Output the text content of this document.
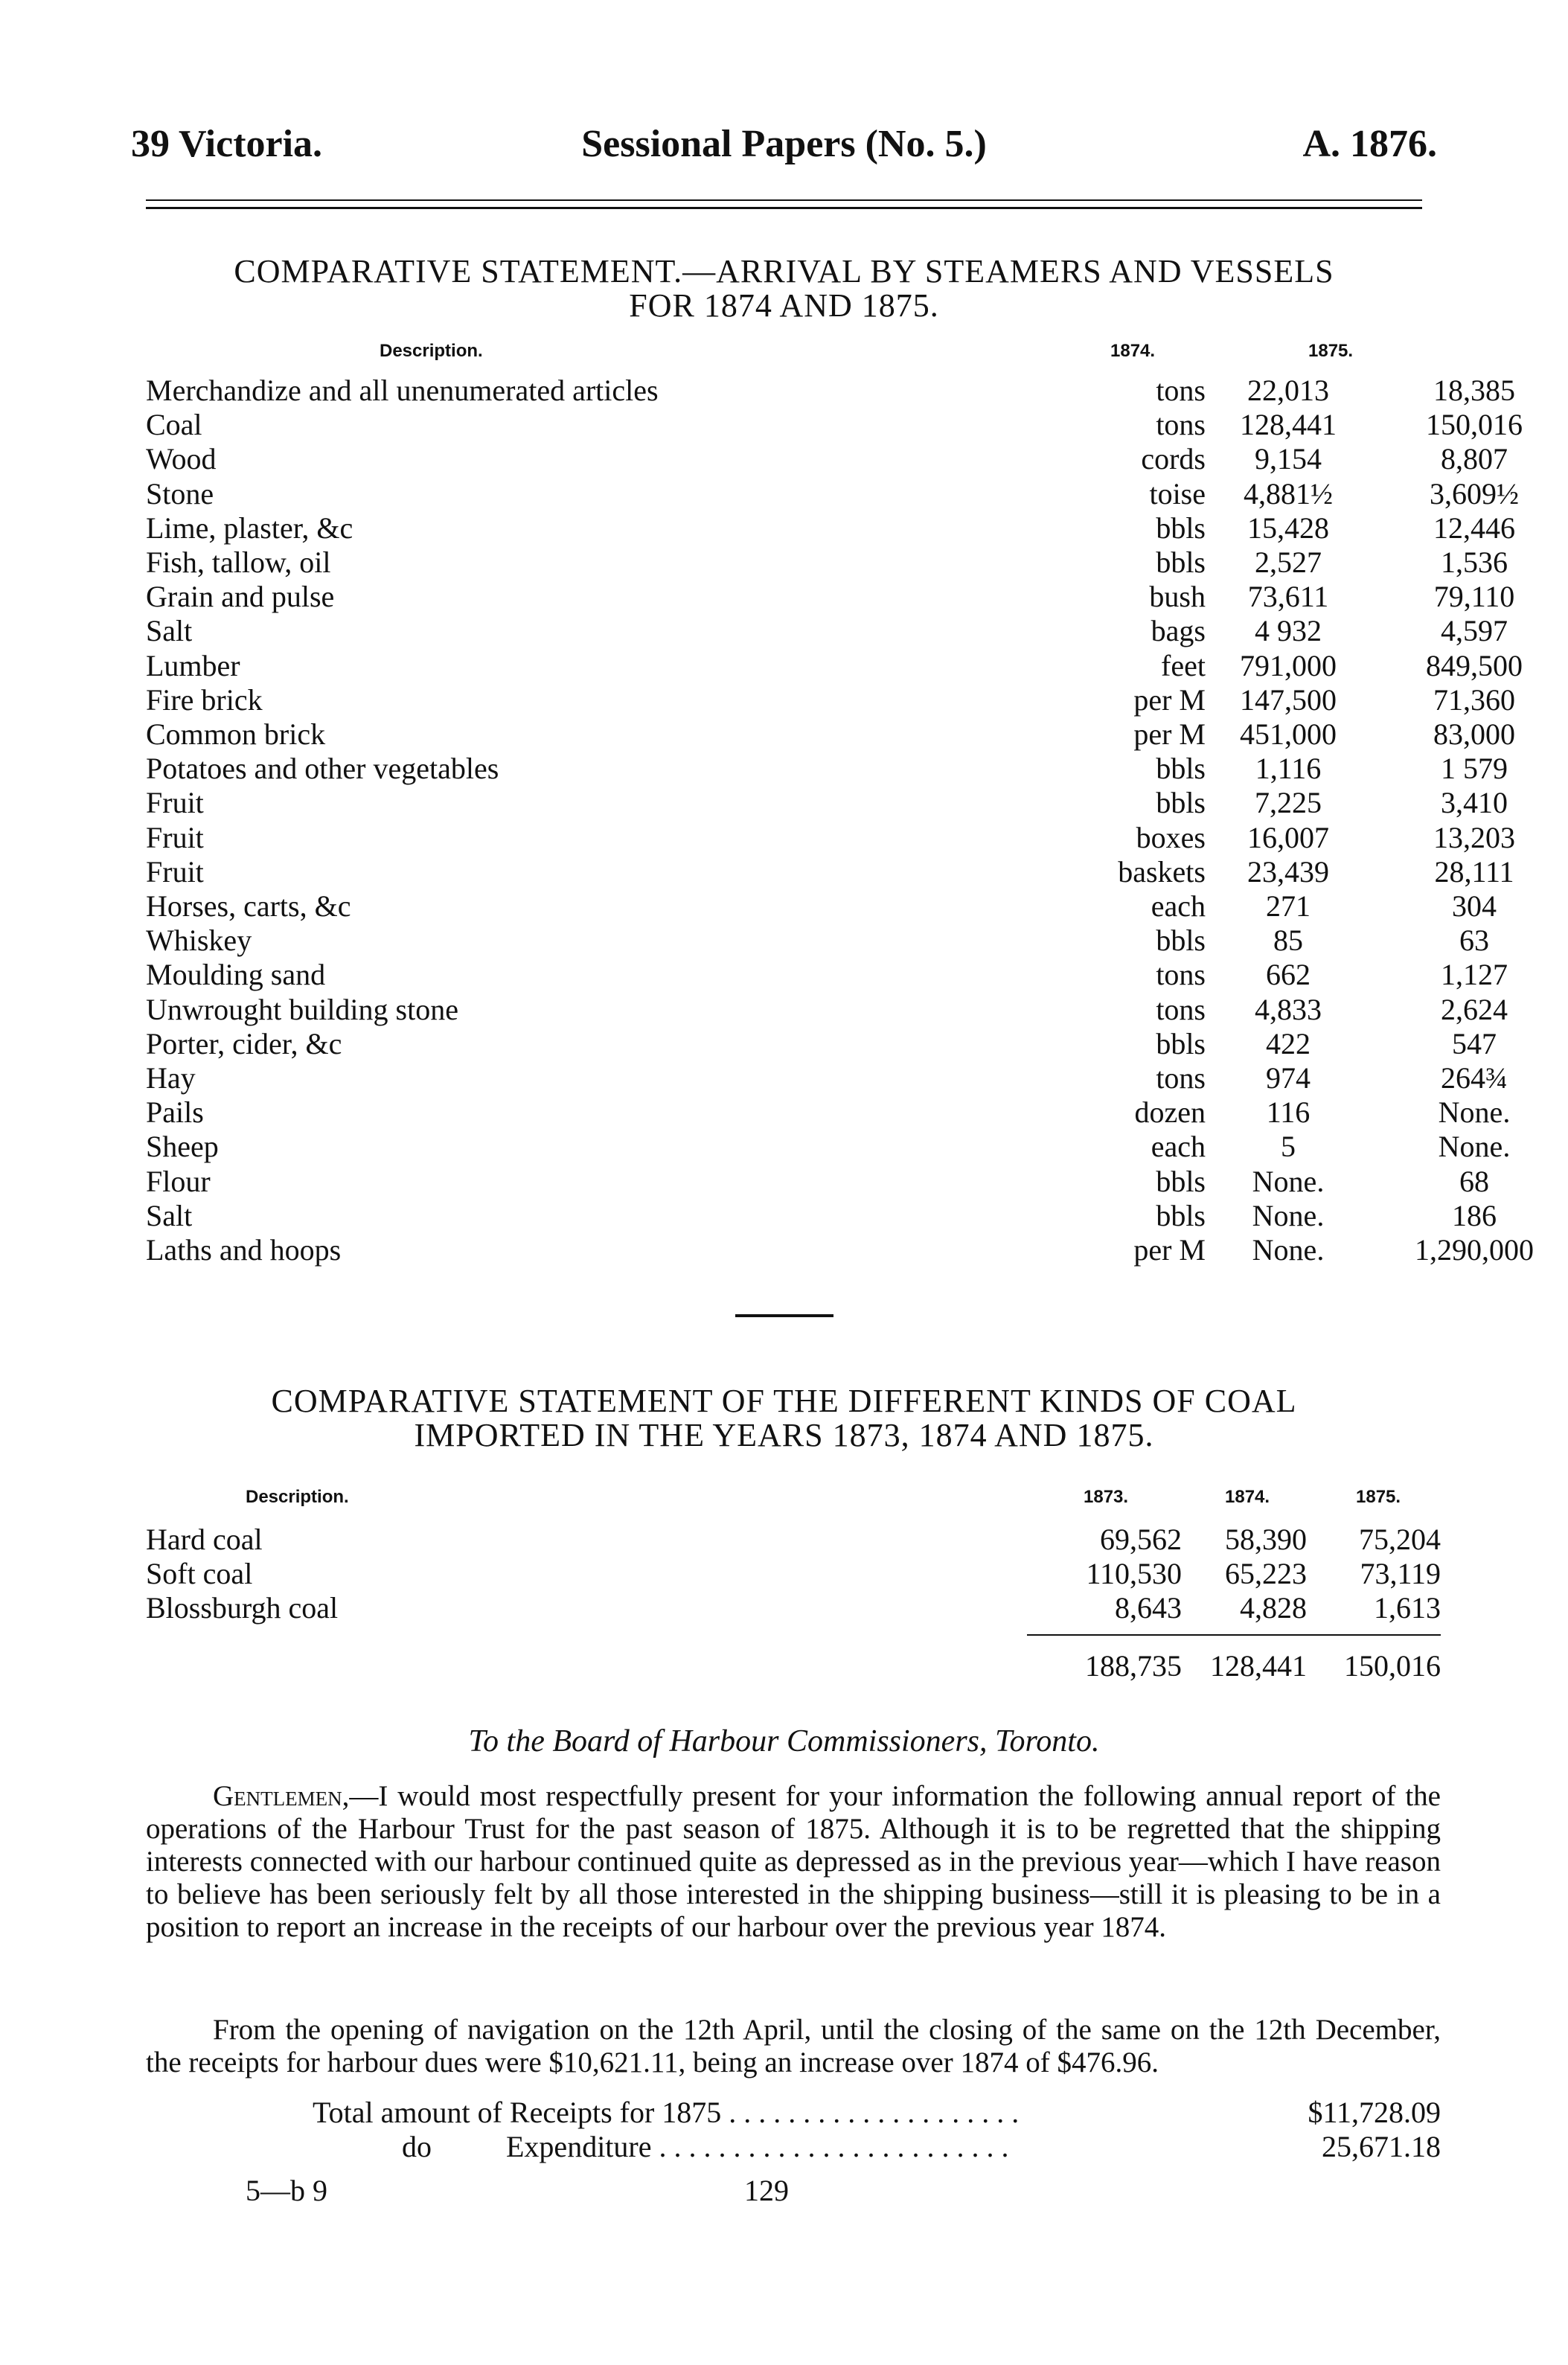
39 Victoria.	Sessional Papers (No. 5.)	A. 1876.
COMPARATIVE STATEMENT.—ARRIVAL BY STEAMERS AND VESSELS
FOR 1874 AND 1875.
Description.	1874.	1875.
Merchandize and all unenumerated articles . . .	tons	22,013	18,385
Coal . . .	tons	128,441	150,016
Wood . . .	cords	9,154	8,807
Stone . . .	toise	4,881½	3,609½
Lime, plaster, &c . . .	bbls	15,428	12,446
Fish, tallow, oil . . .	bbls	2,527	1,536
Grain and pulse . . .	bush	73,611	79,110
Salt . . .	bags	4 932	4,597
Lumber . . .	feet	791,000	849,500
Fire brick . . .	per M	147,500	71,360
Common brick . . .	per M	451,000	83,000
Potatoes and other vegetables . . .	bbls	1,116	1 579
Fruit . . .	bbls	7,225	3,410
Fruit . . .	boxes	16,007	13,203
Fruit . . .	baskets	23,439	28,111
Horses, carts, &c . . .	each	271	304
Whiskey . . .	bbls	85	63
Moulding sand . . .	tons	662	1,127
Unwrought building stone . . .	tons	4,833	2,624
Porter, cider, &c . . .	bbls	422	547
Hay . . .	tons	974	264¾
Pails . . .	dozen	116	None.
Sheep . . .	each	5	None.
Flour . . .	bbls	None.	68
Salt . . .	bbls	None.	186
Laths and hoops . . .	per M	None.	1,290,000
COMPARATIVE STATEMENT OF THE DIFFERENT KINDS OF COAL
IMPORTED IN THE YEARS 1873, 1874 AND 1875.
Description.	1873.	1874.	1875.
Hard coal . . .	69,562	58,390	75,204
Soft coal . . .	110,530	65,223	73,119
Blossburgh coal . . .	8,643	4,828	1,613
188,735 128,441	150,016
To the Board of Harbour Commissioners, Toronto.
Gentlemen,—I would most respectfully present for your information the following annual report of the operations of the Harbour Trust for the past season of 1875. Although it is to be regretted that the shipping interests connected with our harbour continued quite as depressed as in the previous year—which I have reason to believe has been seriously felt by all those interested in the shipping business—still it is pleasing to be in a position to report an increase in the receipts of our harbour over the previous year 1874.
From the opening of navigation on the 12th April, until the closing of the same on the 12th December, the receipts for harbour dues were $10,621.11, being an increase over 1874 of $476.96.
Total amount of Receipts for 1875 . . . . . . . . . . . . . . . . . . . .	$11,728.09
do	Expenditure . . . . . . . . . . . . . . . . . . . . . . . .	25,671.18
5—b 9	129
